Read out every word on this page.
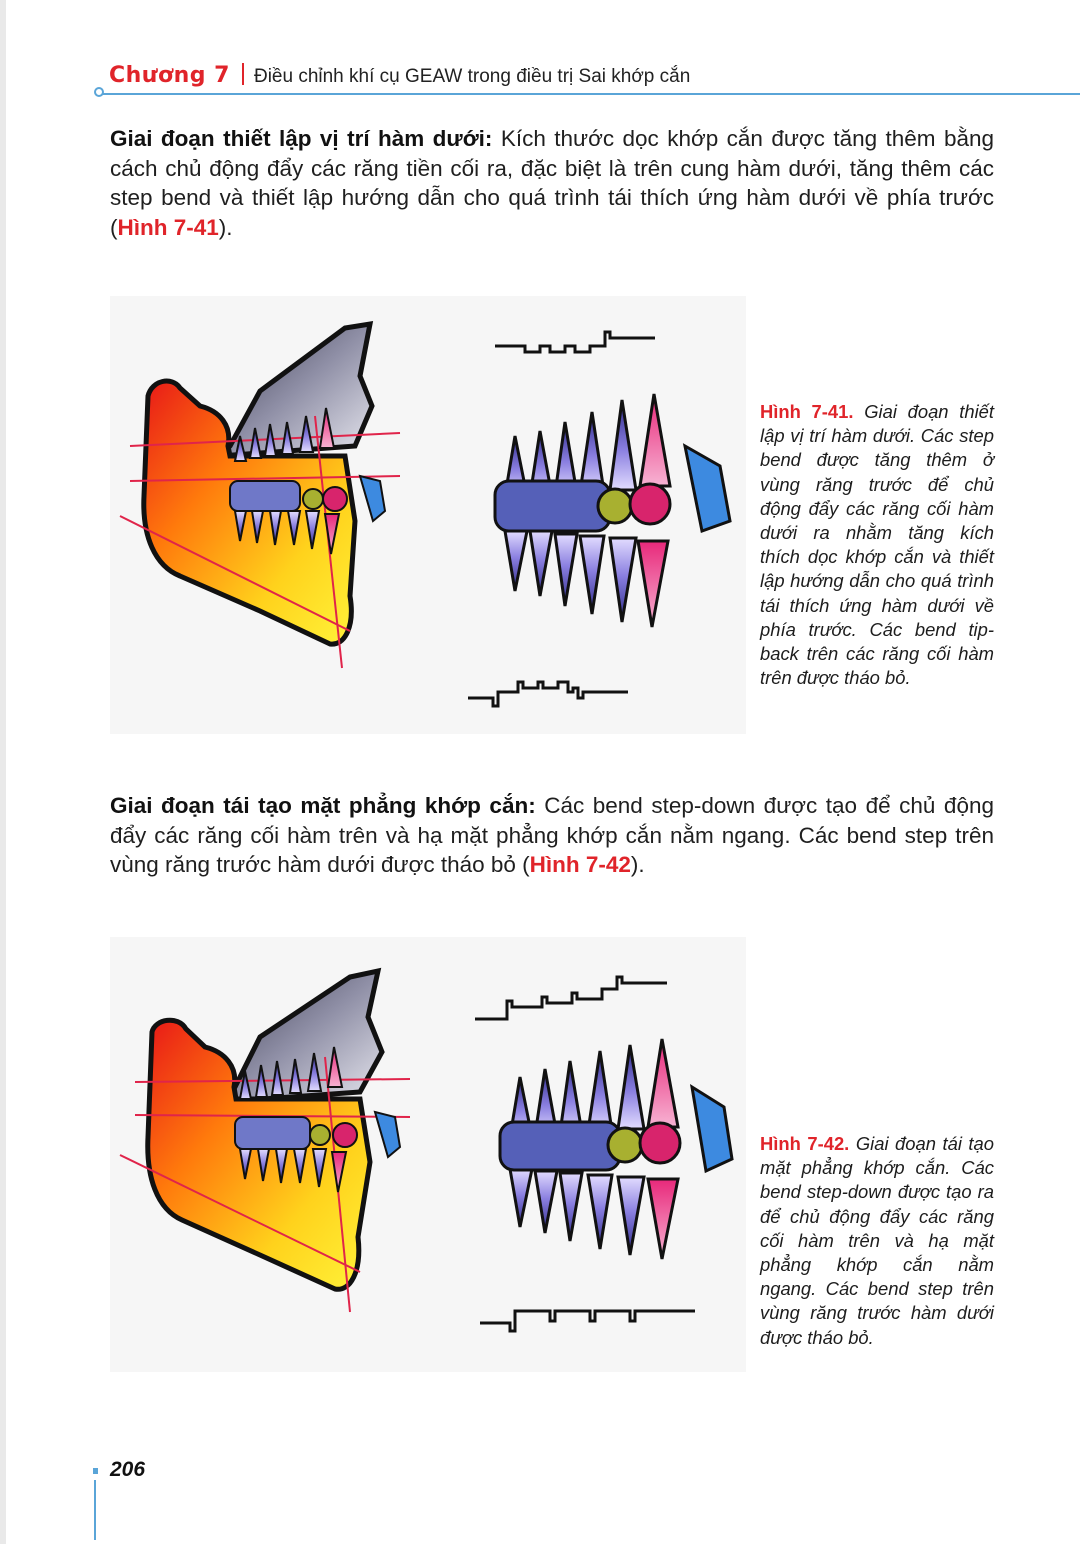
Chương 7 Điều chỉnh khí cụ GEAW trong điều trị Sai khớp cắn

Giai đoạn thiết lập vị trí hàm dưới: Kích thước dọc khớp cắn được tăng thêm bằng cách chủ động đẩy các răng tiền cối ra, đặc biệt là trên cung hàm dưới, tăng thêm các step bend và thiết lập hướng dẫn cho quá trình tái thích ứng hàm dưới về phía trước (Hình 7-41).

Hình 7-41. Giai đoạn thiết lập vị trí hàm dưới. Các step bend được tăng thêm ở vùng răng trước để chủ động đẩy các răng cối hàm dưới ra nhằm tăng kích thích dọc khớp cắn và thiết lập hướng dẫn cho quá trình tái thích ứng hàm dưới về phía trước. Các bend tip-back trên các răng cối hàm trên được tháo bỏ.

Giai đoạn tái tạo mặt phẳng khớp cắn: Các bend step-down được tạo để chủ động đẩy các răng cối hàm trên và hạ mặt phẳng khớp cắn nằm ngang. Các bend step trên vùng răng trước hàm dưới được tháo bỏ (Hình 7-42).

Hình 7-42. Giai đoạn tái tạo mặt phẳng khớp cắn. Các bend step-down được tạo ra để chủ động đẩy các răng cối hàm trên và hạ mặt phẳng khớp cắn nằm ngang. Các bend step trên vùng răng trước hàm dưới được tháo bỏ.

206
